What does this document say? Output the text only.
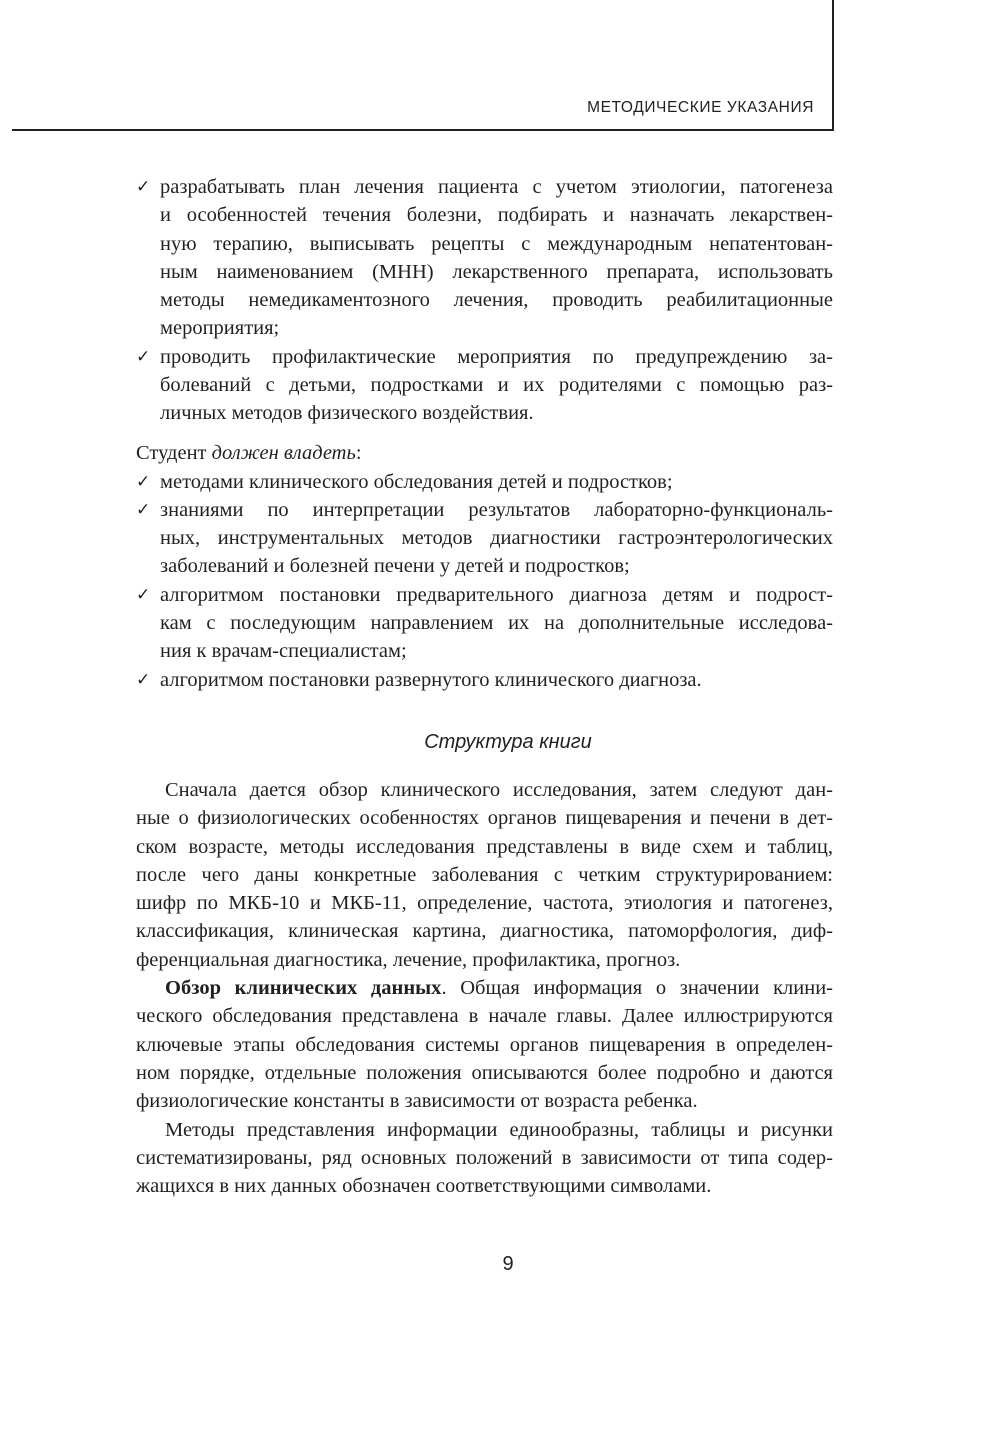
МЕТОДИЧЕСКИЕ УКАЗАНИЯ
✓ разрабатывать план лечения пациента с учетом этиологии, патогенеза
и особенностей течения болезни, подбирать и назначать лекарствен-
ную терапию, выписывать рецепты с международным непатентован-
ным наименованием (МНН) лекарственного препарата, использовать
методы немедикаментозного лечения, проводить реабилитационные
мероприятия;
✓ проводить профилактические мероприятия по предупреждению за-
болеваний с детьми, подростками и их родителями с помощью раз-
личных методов физического воздействия.
Студент должен владеть:
✓ методами клинического обследования детей и подростков;
✓ знаниями по интерпретации результатов лабораторно-функциональ-
ных, инструментальных методов диагностики гастроэнтерологических
заболеваний и болезней печени у детей и подростков;
✓ алгоритмом постановки предварительного диагноза детям и подрост-
кам с последующим направлением их на дополнительные исследова-
ния к врачам-специалистам;
✓ алгоритмом постановки развернутого клинического диагноза.
Структура книги
Сначала дается обзор клинического исследования, затем следуют дан-
ные о физиологических особенностях органов пищеварения и печени в дет-
ском возрасте, методы исследования представлены в виде схем и таблиц,
после чего даны конкретные заболевания с четким структурированием:
шифр по МКБ-10 и МКБ-11, определение, частота, этиология и патогенез,
классификация, клиническая картина, диагностика, патоморфология, диф-
ференциальная диагностика, лечение, профилактика, прогноз.
Обзор клинических данных. Общая информация о значении клини-
ческого обследования представлена в начале главы. Далее иллюстрируются
ключевые этапы обследования системы органов пищеварения в определен-
ном порядке, отдельные положения описываются более подробно и даются
физиологические константы в зависимости от возраста ребенка.
Методы представления информации единообразны, таблицы и рисунки
систематизированы, ряд основных положений в зависимости от типа содер-
жащихся в них данных обозначен соответствующими символами.
9
